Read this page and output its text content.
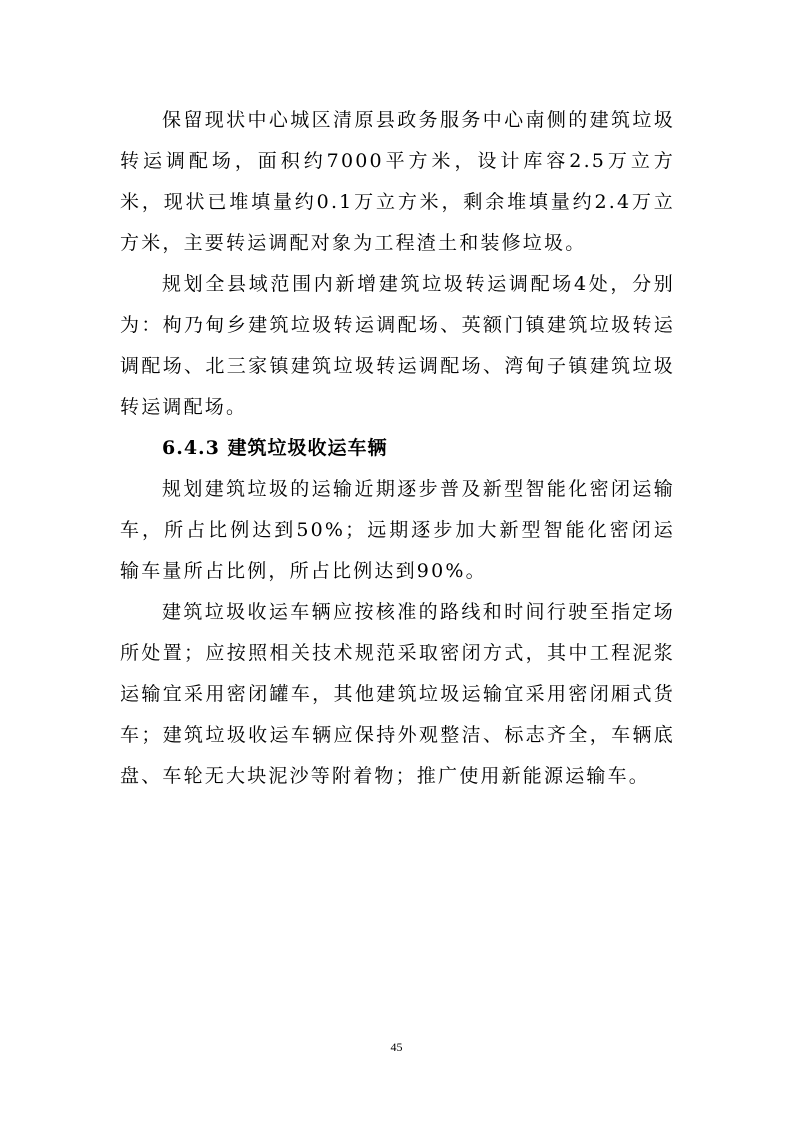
保留现状中心城区清原县政务服务中心南侧的建筑垃圾转运调配场，面积约7000平方米，设计库容2.5万立方米，现状已堆填量约0.1万立方米，剩余堆填量约2.4万立方米，主要转运调配对象为工程渣土和装修垃圾。

规划全县域范围内新增建筑垃圾转运调配场4处，分别为：枸乃甸乡建筑垃圾转运调配场、英额门镇建筑垃圾转运调配场、北三家镇建筑垃圾转运调配场、湾甸子镇建筑垃圾转运调配场。

6.4.3 建筑垃圾收运车辆

规划建筑垃圾的运输近期逐步普及新型智能化密闭运输车，所占比例达到50%；远期逐步加大新型智能化密闭运输车量所占比例，所占比例达到90%。

建筑垃圾收运车辆应按核准的路线和时间行驶至指定场所处置；应按照相关技术规范采取密闭方式，其中工程泥浆运输宜采用密闭罐车，其他建筑垃圾运输宜采用密闭厢式货车；建筑垃圾收运车辆应保持外观整洁、标志齐全，车辆底盘、车轮无大块泥沙等附着物；推广使用新能源运输车。

45
